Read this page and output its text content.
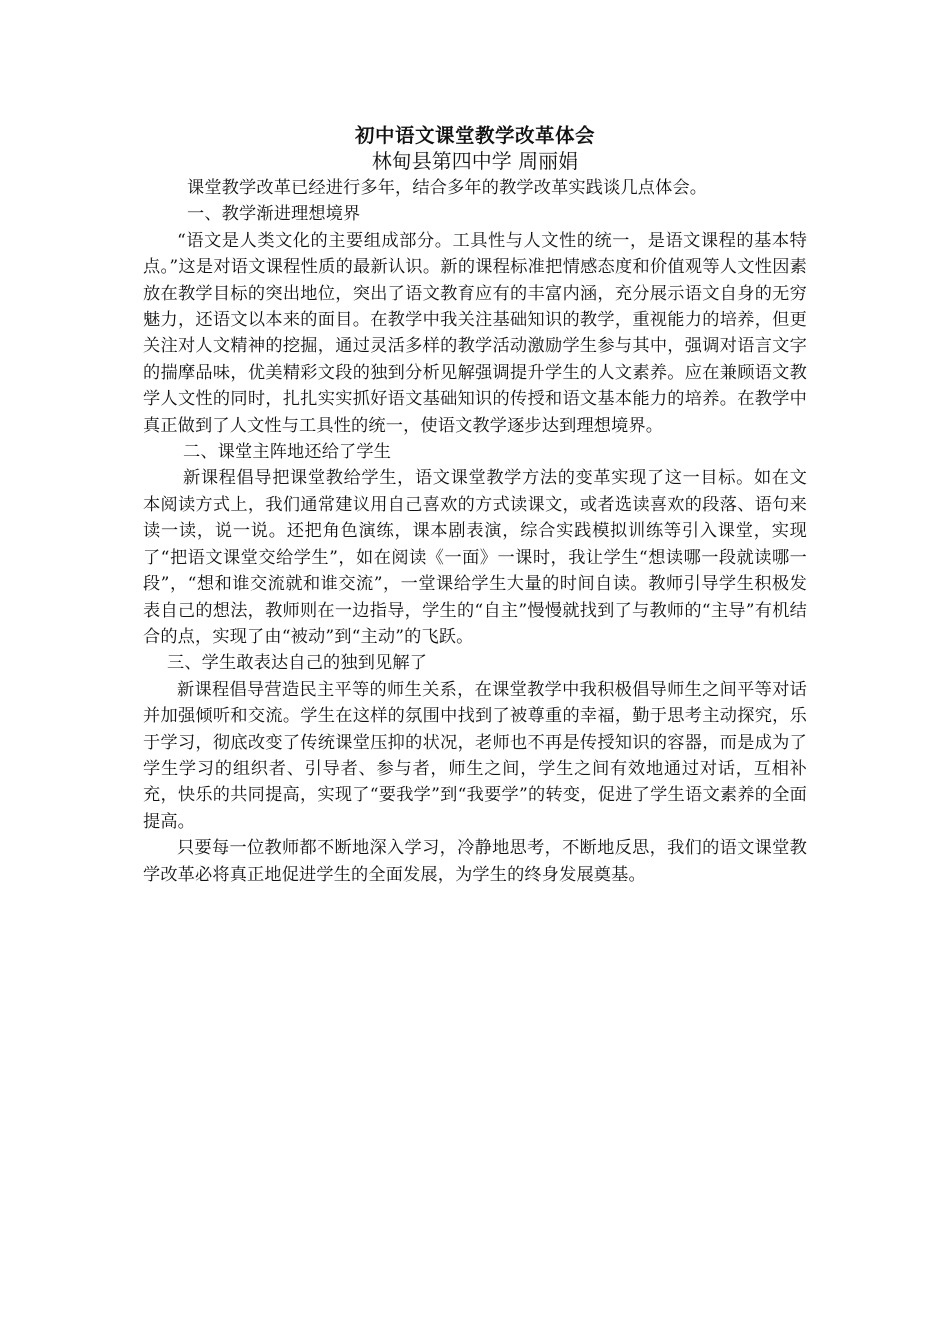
初中语文课堂教学改革体会
林甸县第四中学 周丽娟

课堂教学改革已经进行多年，结合多年的教学改革实践谈几点体会。

一、教学渐进理想境界

“语文是人类文化的主要组成部分。工具性与人文性的统一，是语文课程的基本特点。”这是对语文课程性质的最新认识。新的课程标准把情感态度和价值观等人文性因素放在教学目标的突出地位，突出了语文教育应有的丰富内涵，充分展示语文自身的无穷魅力，还语文以本来的面目。在教学中我关注基础知识的教学，重视能力的培养，但更关注对人文精神的挖掘，通过灵活多样的教学活动激励学生参与其中，强调对语言文字的揣摩品味，优美精彩文段的独到分析见解强调提升学生的人文素养。应在兼顾语文教学人文性的同时，扎扎实实抓好语文基础知识的传授和语文基本能力的培养。在教学中真正做到了人文性与工具性的统一，使语文教学逐步达到理想境界。

二、课堂主阵地还给了学生

新课程倡导把课堂教给学生，语文课堂教学方法的变革实现了这一目标。如在文本阅读方式上，我们通常建议用自己喜欢的方式读课文，或者选读喜欢的段落、语句来读一读，说一说。还把角色演练，课本剧表演，综合实践模拟训练等引入课堂，实现了“把语文课堂交给学生”，如在阅读《一面》一课时，我让学生“想读哪一段就读哪一段”，“想和谁交流就和谁交流”，一堂课给学生大量的时间自读。教师引导学生积极发表自己的想法，教师则在一边指导，学生的“自主”慢慢就找到了与教师的“主导”有机结合的点，实现了由“被动”到“主动”的飞跃。

三、学生敢表达自己的独到见解了

新课程倡导营造民主平等的师生关系，在课堂教学中我积极倡导师生之间平等对话并加强倾听和交流。学生在这样的氛围中找到了被尊重的幸福，勤于思考主动探究，乐于学习，彻底改变了传统课堂压抑的状况，老师也不再是传授知识的容器，而是成为了学生学习的组织者、引导者、参与者，师生之间，学生之间有效地通过对话，互相补充，快乐的共同提高，实现了“要我学”到“我要学”的转变，促进了学生语文素养的全面提高。

只要每一位教师都不断地深入学习，冷静地思考，不断地反思，我们的语文课堂教学改革必将真正地促进学生的全面发展，为学生的终身发展奠基。
